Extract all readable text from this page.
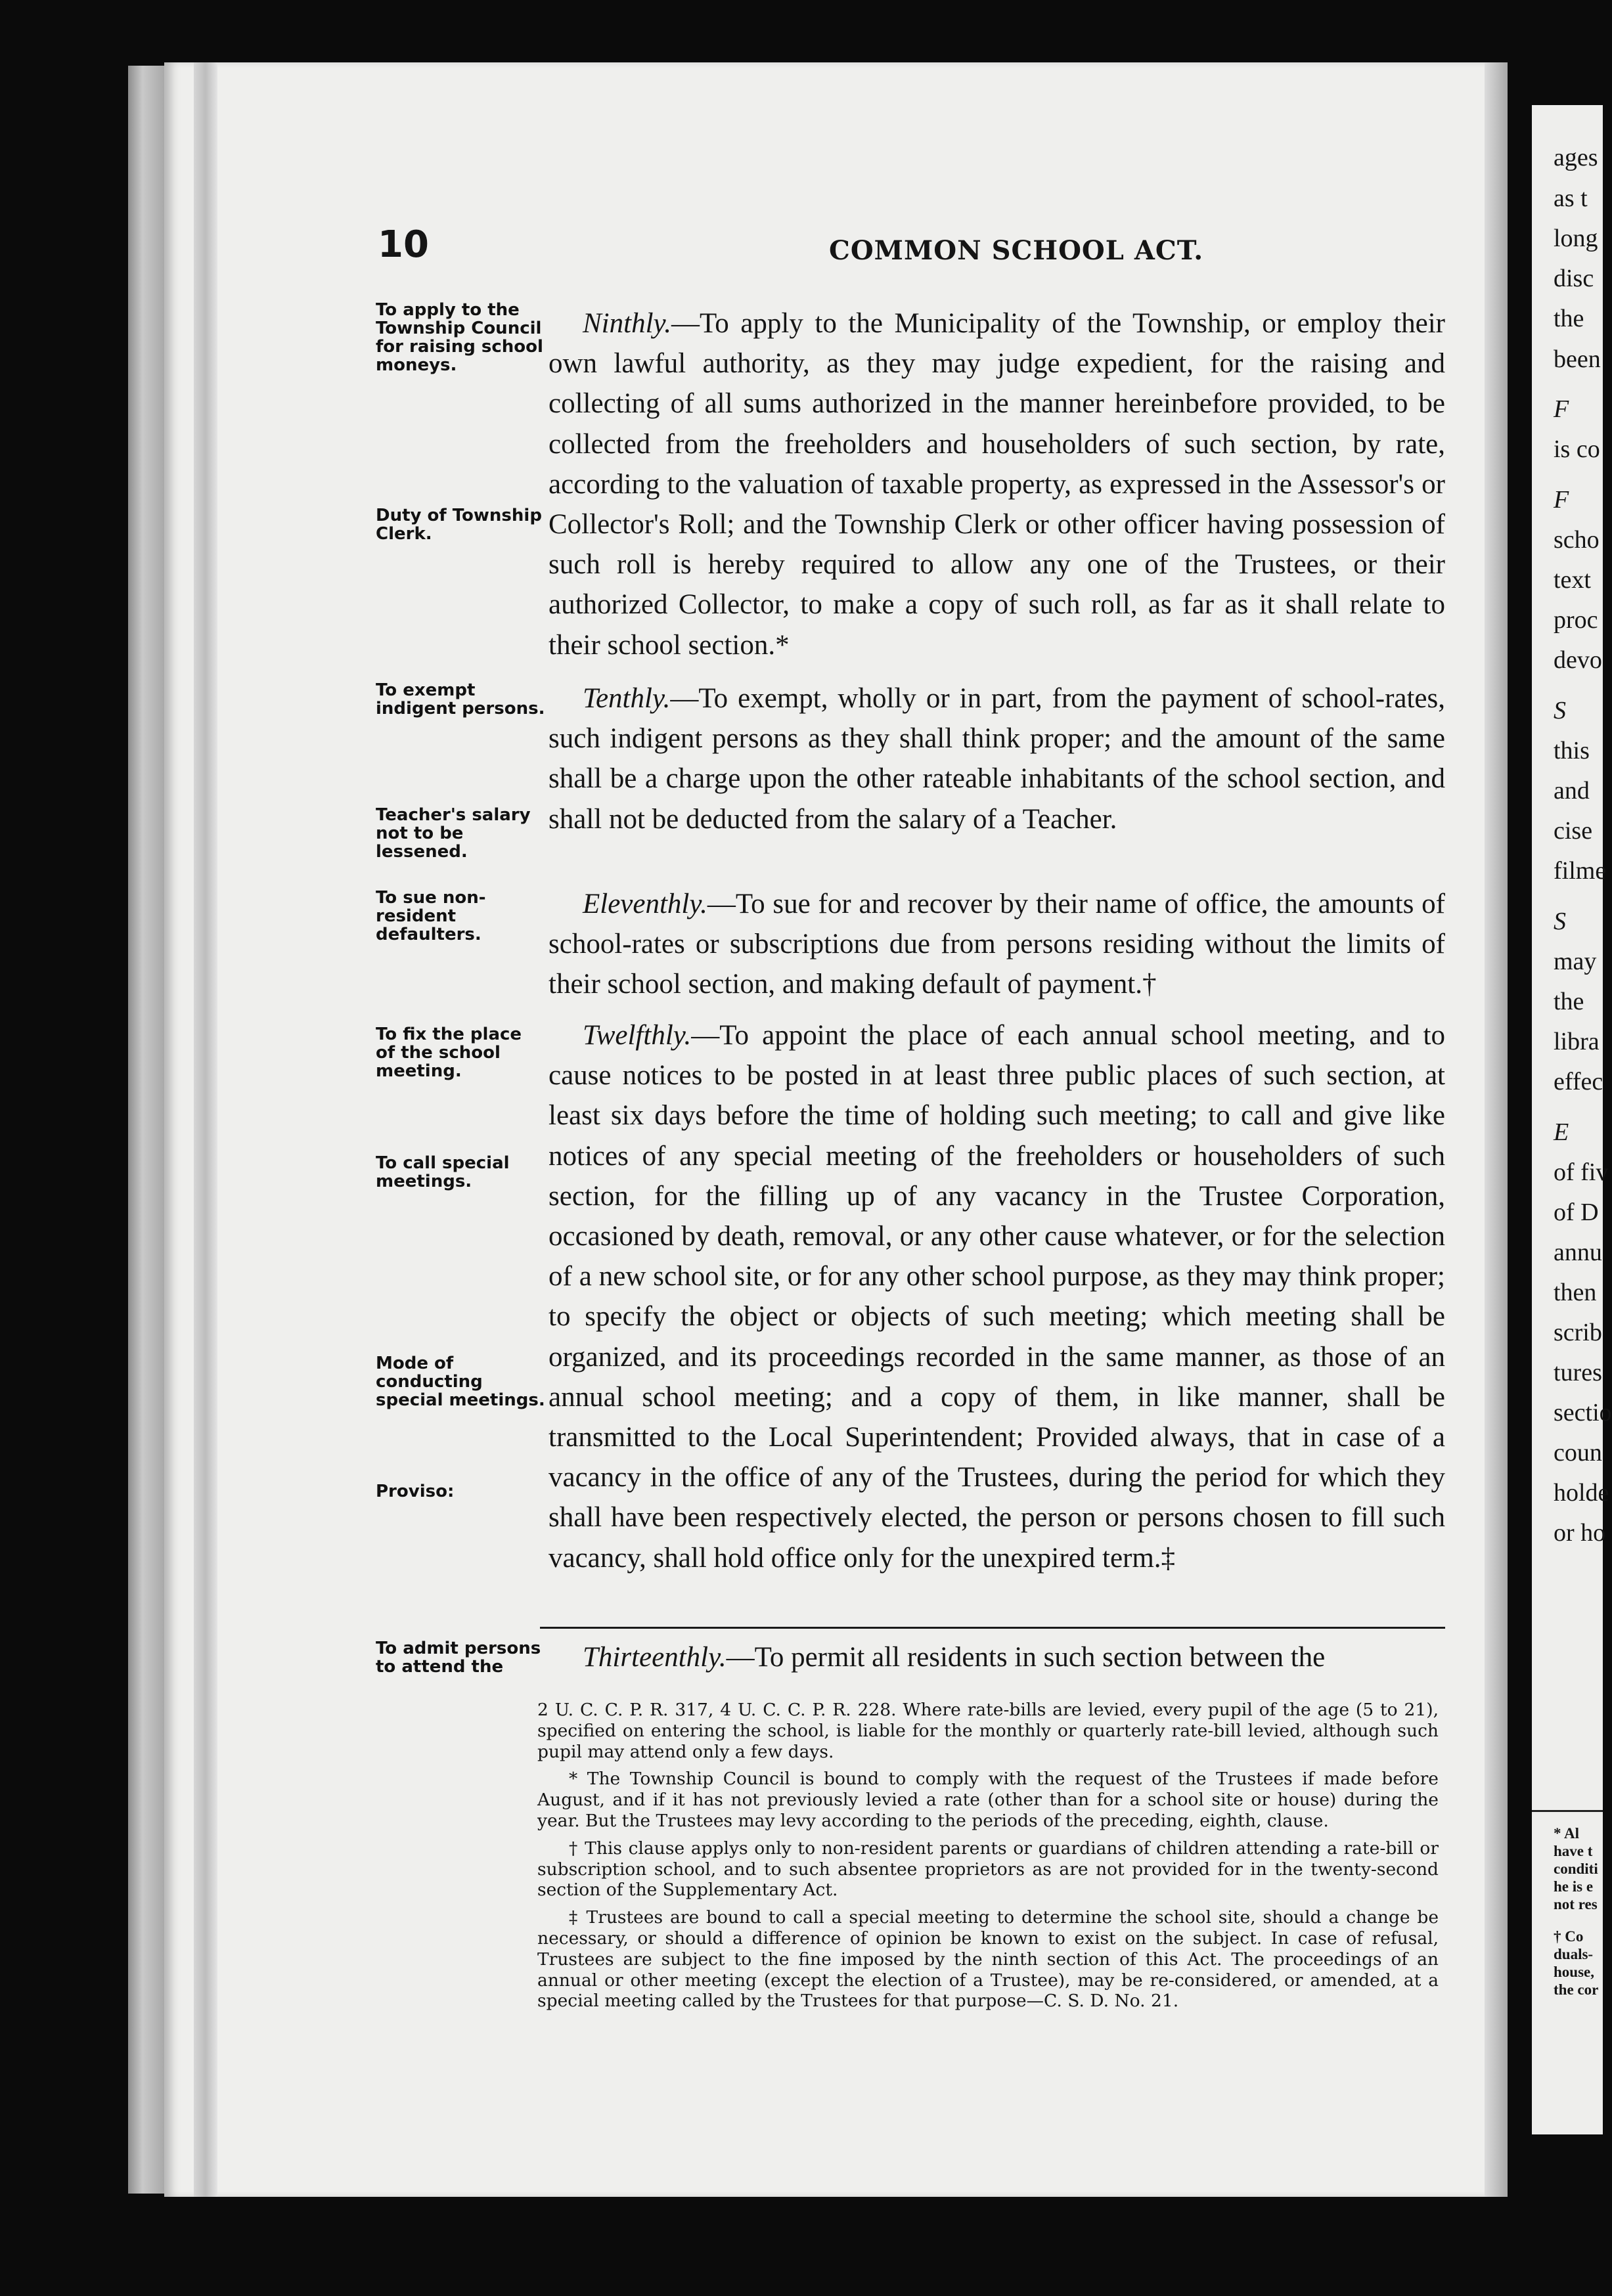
ages
as t
long
disc
the
been
F
is co
F
scho
text
proc
devo
S
this
and
cise
filme
S
may
the
libra
effec
E
of fiv
of D
annu
then
scrib
tures
sectio
coun
holde
or ho
* Al
have t
conditi
he is e
not res
† Co
duals-
house,
the cor
10	COMMON SCHOOL ACT.
To apply to the Township Council for raising school moneys.
Duty of Township Clerk.
To exempt indigent persons.
Teacher's salary not to be lessened.
To sue non-resident defaulters.
To fix the place of the school meeting.
To call special meetings.
Mode of conducting special meetings.
Proviso:
To admit persons to attend the

Ninthly.—To apply to the Municipality of the Township, or employ their own lawful authority, as they may judge expedient, for the raising and collecting of all sums authorized in the manner hereinbefore provided, to be collected from the freeholders and householders of such section, by rate, according to the valuation of taxable property, as expressed in the Assessor's or Collector's Roll; and the Township Clerk or other officer having possession of such roll is hereby required to allow any one of the Trustees, or their authorized Collector, to make a copy of such roll, as far as it shall relate to their school section.*

Tenthly.—To exempt, wholly or in part, from the payment of school-rates, such indigent persons as they shall think proper; and the amount of the same shall be a charge upon the other rateable inhabitants of the school section, and shall not be deducted from the salary of a Teacher.

Eleventhly.—To sue for and recover by their name of office, the amounts of school-rates or subscriptions due from persons residing without the limits of their school section, and making default of payment.†

Twelfthly.—To appoint the place of each annual school meeting, and to cause notices to be posted in at least three public places of such section, at least six days before the time of holding such meeting; to call and give like notices of any special meeting of the freeholders or householders of such section, for the filling up of any vacancy in the Trustee Corporation, occasioned by death, removal, or any other cause whatever, or for the selection of a new school site, or for any other school purpose, as they may think proper; to specify the object or objects of such meeting; which meeting shall be organized, and its proceedings recorded in the same manner, as those of an annual school meeting; and a copy of them, in like manner, shall be transmitted to the Local Superintendent; Provided always, that in case of a vacancy in the office of any of the Trustees, during the period for which they shall have been respectively elected, the person or persons chosen to fill such vacancy, shall hold office only for the unexpired term.‡

Thirteenthly.—To permit all residents in such section between the

2 U. C. C. P. R. 317, 4 U. C. C. P. R. 228. Where rate-bills are levied, every pupil of the age (5 to 21), specified on entering the school, is liable for the monthly or quarterly rate-bill levied, although such pupil may attend only a few days.

* The Township Council is bound to comply with the request of the Trustees if made before August, and if it has not previously levied a rate (other than for a school site or house) during the year. But the Trustees may levy according to the periods of the preceding, eighth, clause.

† This clause applys only to non-resident parents or guardians of children attending a rate-bill or subscription school, and to such absentee proprietors as are not provided for in the twenty-second section of the Supplementary Act.

‡ Trustees are bound to call a special meeting to determine the school site, should a change be necessary, or should a difference of opinion be known to exist on the subject. In case of refusal, Trustees are subject to the fine imposed by the ninth section of this Act. The proceedings of an annual or other meeting (except the election of a Trustee), may be re-considered, or amended, at a special meeting called by the Trustees for that purpose—C. S. D. No. 21.
